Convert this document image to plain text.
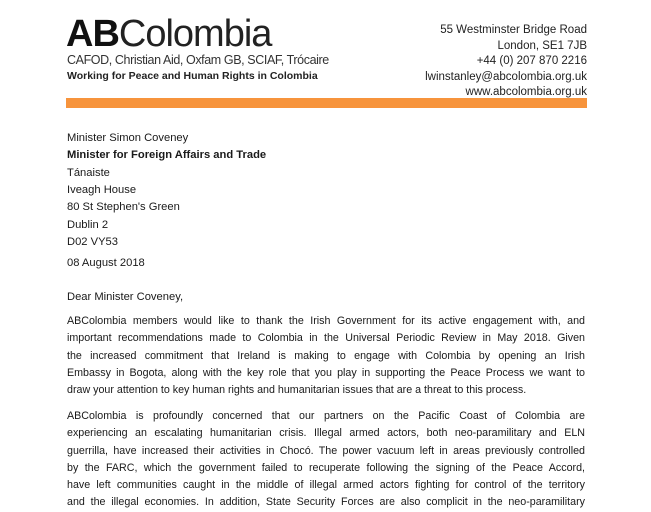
ABColombia
CAFOD, Christian Aid, Oxfam GB, SCIAF, Trócaire
Working for Peace and Human Rights in Colombia
55 Westminster Bridge Road
London, SE1 7JB
+44 (0) 207 870 2216
lwinstanley@abcolombia.org.uk
www.abcolombia.org.uk
Minister Simon Coveney
Minister for Foreign Affairs and Trade
Tánaiste
Iveagh House
80 St Stephen's Green
Dublin 2
D02 VY53
08 August 2018
Dear Minister Coveney,
ABColombia members would like to thank the Irish Government for its active engagement with, and
important recommendations made to Colombia in the Universal Periodic Review in May 2018. Given
the increased commitment that Ireland is making to engage with Colombia by opening an Irish
Embassy in Bogota, along with the key role that you play in supporting the Peace Process we want to
draw your attention to key human rights and humanitarian issues that are a threat to this process.
ABColombia is profoundly concerned that our partners on the Pacific Coast of Colombia are
experiencing an escalating humanitarian crisis. Illegal armed actors, both neo-paramilitary and ELN
guerrilla, have increased their activities in Chocó. The power vacuum left in areas previously controlled
by the FARC, which the government failed to recuperate following the signing of the Peace Accord,
have left communities caught in the middle of illegal armed actors fighting for control of the territory
and the illegal economies. In addition, State Security Forces are also complicit in the neo-paramilitary
